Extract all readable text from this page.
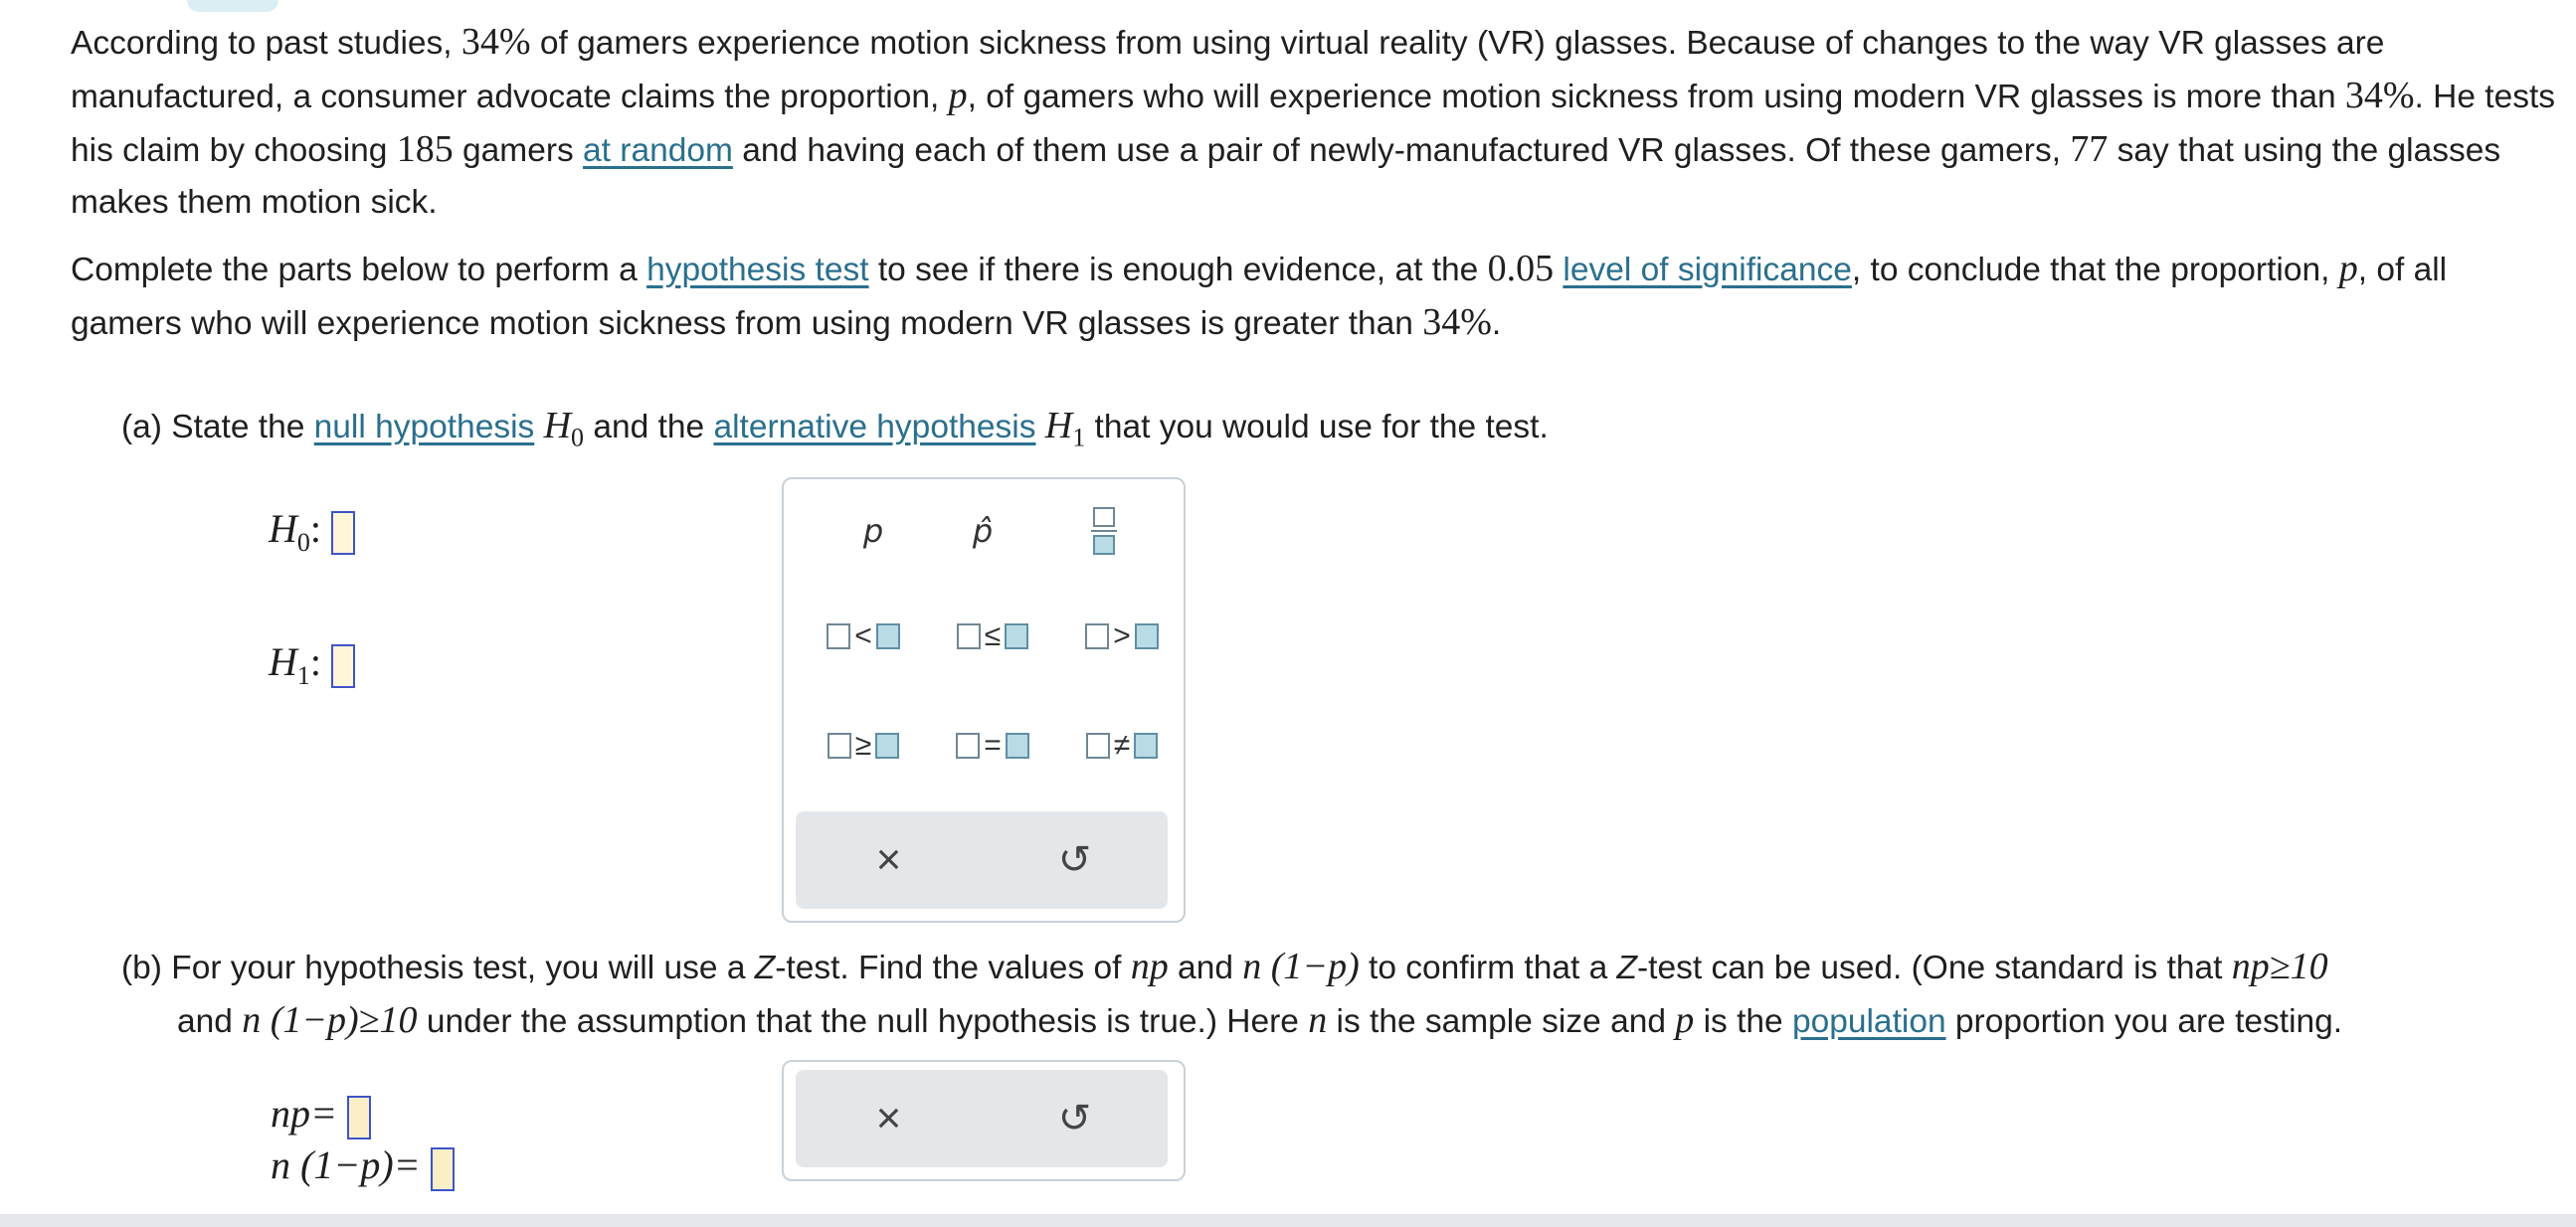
According to past studies, 34% of gamers experience motion sickness from using virtual reality (VR) glasses. Because of changes to the way VR glasses are manufactured, a consumer advocate claims the proportion, p, of gamers who will experience motion sickness from using modern VR glasses is more than 34%. He tests his claim by choosing 185 gamers at random and having each of them use a pair of newly-manufactured VR glasses. Of these gamers, 77 say that using the glasses makes them motion sick.

Complete the parts below to perform a hypothesis test to see if there is enough evidence, at the 0.05 level of significance, to conclude that the proportion, p, of all gamers who will experience motion sickness from using modern VR glasses is greater than 34%.

(a) State the null hypothesis $H_0$ and the alternative hypothesis $H_1$ that you would use for the test.
$H_0$:
$H_1$:
p	p̂
<	≤	>
≥	=	≠
×	↺
(b) For your hypothesis test, you will use a Z-test. Find the values of np and n (1−p) to confirm that a Z-test can be used. (One standard is that np≥10
and n (1−p)≥10 under the assumption that the null hypothesis is true.) Here n is the sample size and p is the population proportion you are testing.
np=
n (1−p)=
×	↺
